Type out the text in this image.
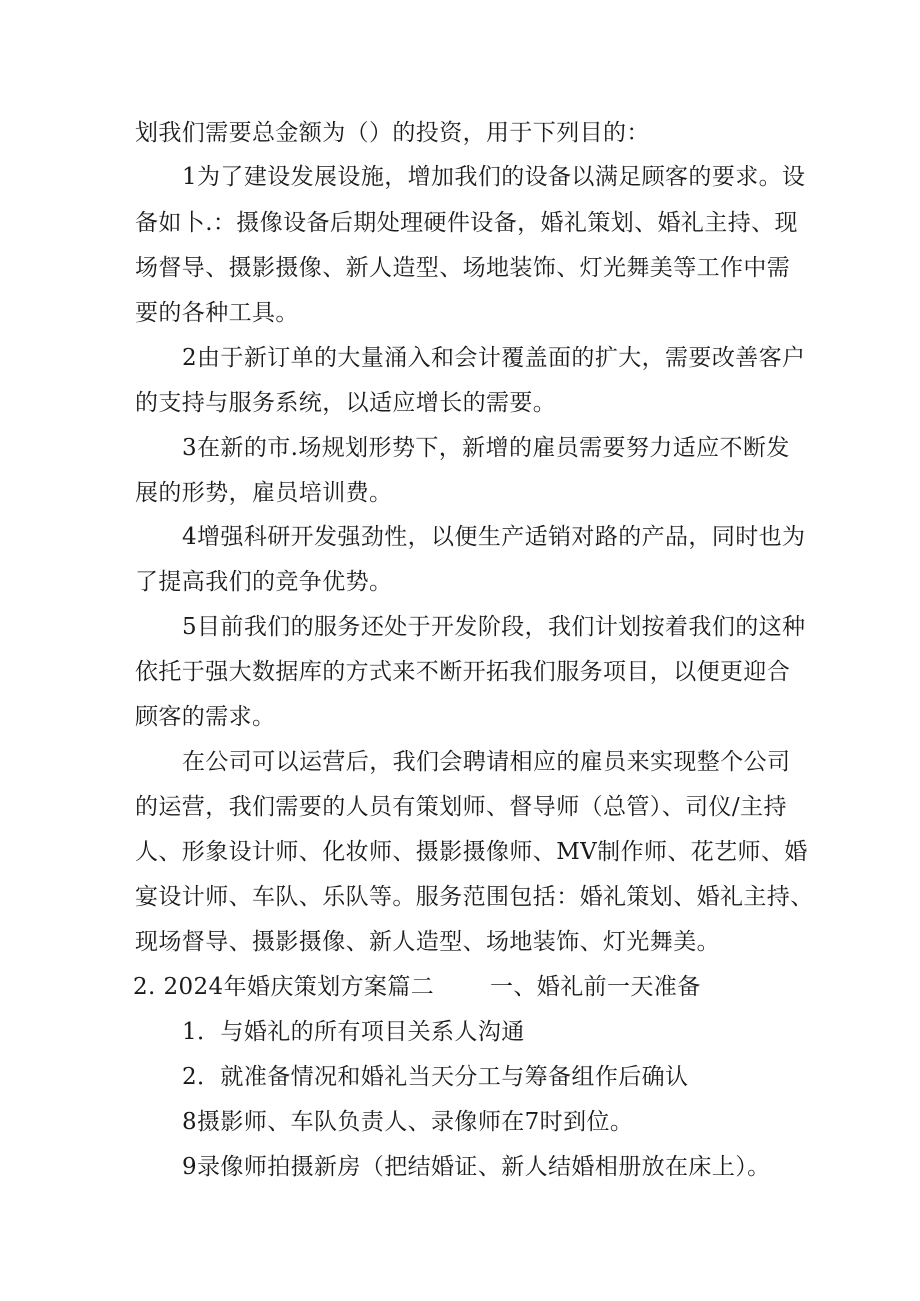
划我们需要总金额为（）的投资，用于下列目的：
1为了建设发展设施，增加我们的设备以满足顾客的要求。设
备如卜.：摄像设备后期处理硬件设备，婚礼策划、婚礼主持、现
场督导、摄影摄像、新人造型、场地装饰、灯光舞美等工作中需
要的各种工具。
2由于新订单的大量涌入和会计覆盖面的扩大，需要改善客户
的支持与服务系统，以适应增长的需要。
3在新的市.场规划形势下，新增的雇员需要努力适应不断发
展的形势，雇员培训费。
4增强科研开发强劲性，以便生产适销对路的产品，同时也为
了提高我们的竞争优势。
5目前我们的服务还处于开发阶段，我们计划按着我们的这种
依托于强大数据库的方式来不断开拓我们服务项目，以便更迎合
顾客的需求。
在公司可以运营后，我们会聘请相应的雇员来实现整个公司
的运营，我们需要的人员有策划师、督导师（总管）、司仪/主持
人、形象设计师、化妆师、摄影摄像师、MV制作师、花艺师、婚
宴设计师、车队、乐队等。服务范围包括：婚礼策划、婚礼主持、
现场督导、摄影摄像、新人造型、场地装饰、灯光舞美。
2. 2024年婚庆策划方案篇二 一、婚礼前一天准备
1．与婚礼的所有项目关系人沟通
2．就准备情况和婚礼当天分工与筹备组作后确认
8摄影师、车队负责人、录像师在7时到位。
9录像师拍摄新房（把结婚证、新人结婚相册放在床上）。
